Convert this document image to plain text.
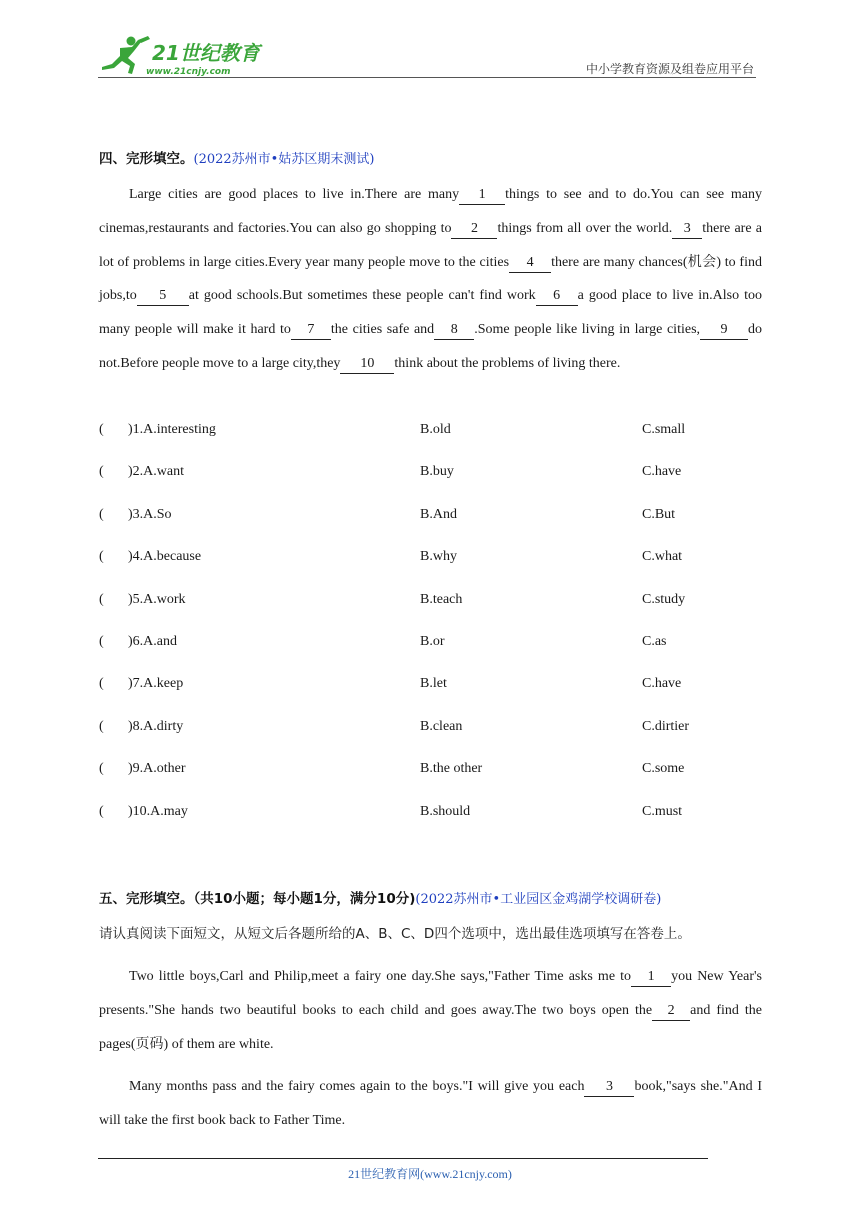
21世纪教育
www.21cnjy.com	中小学教育资源及组卷应用平台
四、完形填空。(2022苏州市•姑苏区期末测试)

Large cities are good places to live in.There are many 1 things to see and to do.You can see many cinemas,restaurants and factories.You can also go shopping to 2 things from all over the world. 3 there are a lot of problems in large cities.Every year many people move to the cities 4 there are many chances(机会) to find jobs,to 5 at good schools.But sometimes these people can't find work 6 a good place to live in.Also too many people will make it hard to 7 the cities safe and 8 .Some people like living in large cities, 9 do not.Before people move to a large city,they 10 think about the problems of living there.

( )1.A.interesting	B.old	C.small
( )2.A.want	B.buy	C.have
( )3.A.So	B.And	C.But
( )4.A.because	B.why	C.what
( )5.A.work	B.teach	C.study
( )6.A.and	B.or	C.as
( )7.A.keep	B.let	C.have
( )8.A.dirty	B.clean	C.dirtier
( )9.A.other	B.the other	C.some
( )10.A.may	B.should	C.must
五、完形填空。（共10小题；每小题1分，满分10分)(2022苏州市•工业园区金鸡湖学校调研卷)
请认真阅读下面短文，从短文后各题所给的A、B、C、D四个选项中，选出最佳选项填写在答卷上。

Two little boys,Carl and Philip,meet a fairy one day.She says,"Father Time asks me to 1 you New Year's presents."She hands two beautiful books to each child and goes away.The two boys open the 2 and find the pages(页码) of them are white.

Many months pass and the fairy comes again to the boys."I will give you each 3 book,"says she."And I will take the first book back to Father Time.

21世纪教育网(www.21cnjy.com)
